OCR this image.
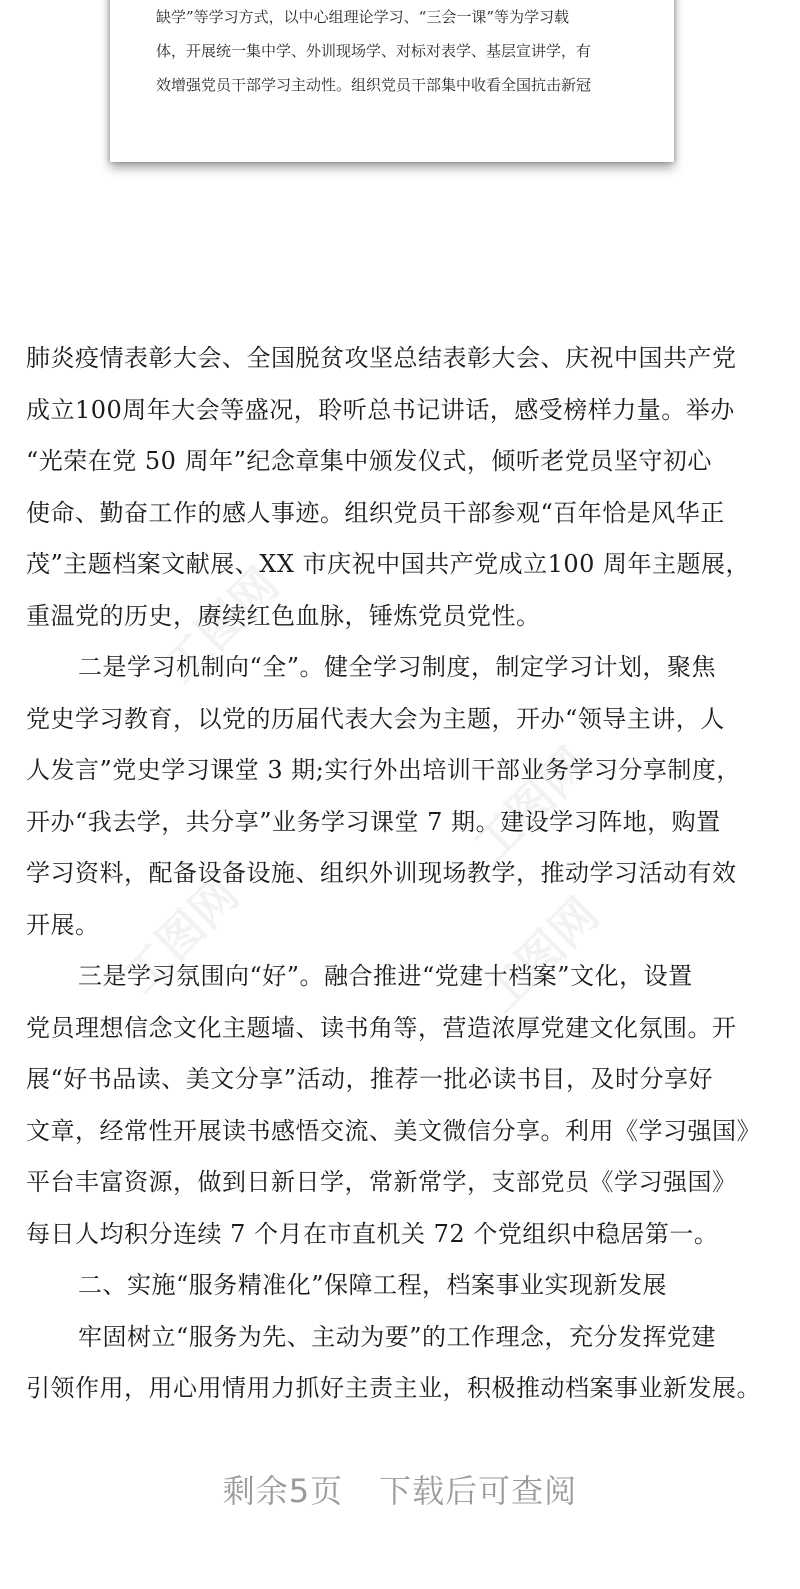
缺学”等学习方式，以中心组理论学习、“三会一课”等为学习载
体，开展统一集中学、外训现场学、对标对表学、基层宣讲学，有
效增强党员干部学习主动性。组织党员干部集中收看全国抗击新冠
工图网
工图网
工图网	工图网
肺炎疫情表彰大会、全国脱贫攻坚总结表彰大会、庆祝中国共产党
成立100周年大会等盛况，聆听总书记讲话，感受榜样力量。举办
“光荣在党 50 周年”纪念章集中颁发仪式，倾听老党员坚守初心
使命、勤奋工作的感人事迹。组织党员干部参观“百年恰是风华正
茂”主题档案文献展、XX 市庆祝中国共产党成立100 周年主题展，
重温党的历史，赓续红色血脉，锤炼党员党性。
二是学习机制向“全”。健全学习制度，制定学习计划，聚焦
党史学习教育，以党的历届代表大会为主题，开办“领导主讲，人
人发言”党史学习课堂 3 期;实行外出培训干部业务学习分享制度，
开办“我去学，共分享”业务学习课堂 7 期。建设学习阵地，购置
学习资料，配备设备设施、组织外训现场教学，推动学习活动有效
开展。
三是学习氛围向“好”。融合推进“党建十档案”文化，设置
党员理想信念文化主题墙、读书角等，营造浓厚党建文化氛围。开
展“好书品读、美文分享”活动，推荐一批必读书目，及时分享好
文章，经常性开展读书感悟交流、美文微信分享。利用《学习强国》
平台丰富资源，做到日新日学，常新常学，支部党员《学习强国》
每日人均积分连续 7 个月在市直机关 72 个党组织中稳居第一。
二、实施“服务精准化”保障工程，档案事业实现新发展
牢固树立“服务为先、主动为要”的工作理念，充分发挥党建
引领作用，用心用情用力抓好主责主业，积极推动档案事业新发展。
剩余5页 下载后可查阅
